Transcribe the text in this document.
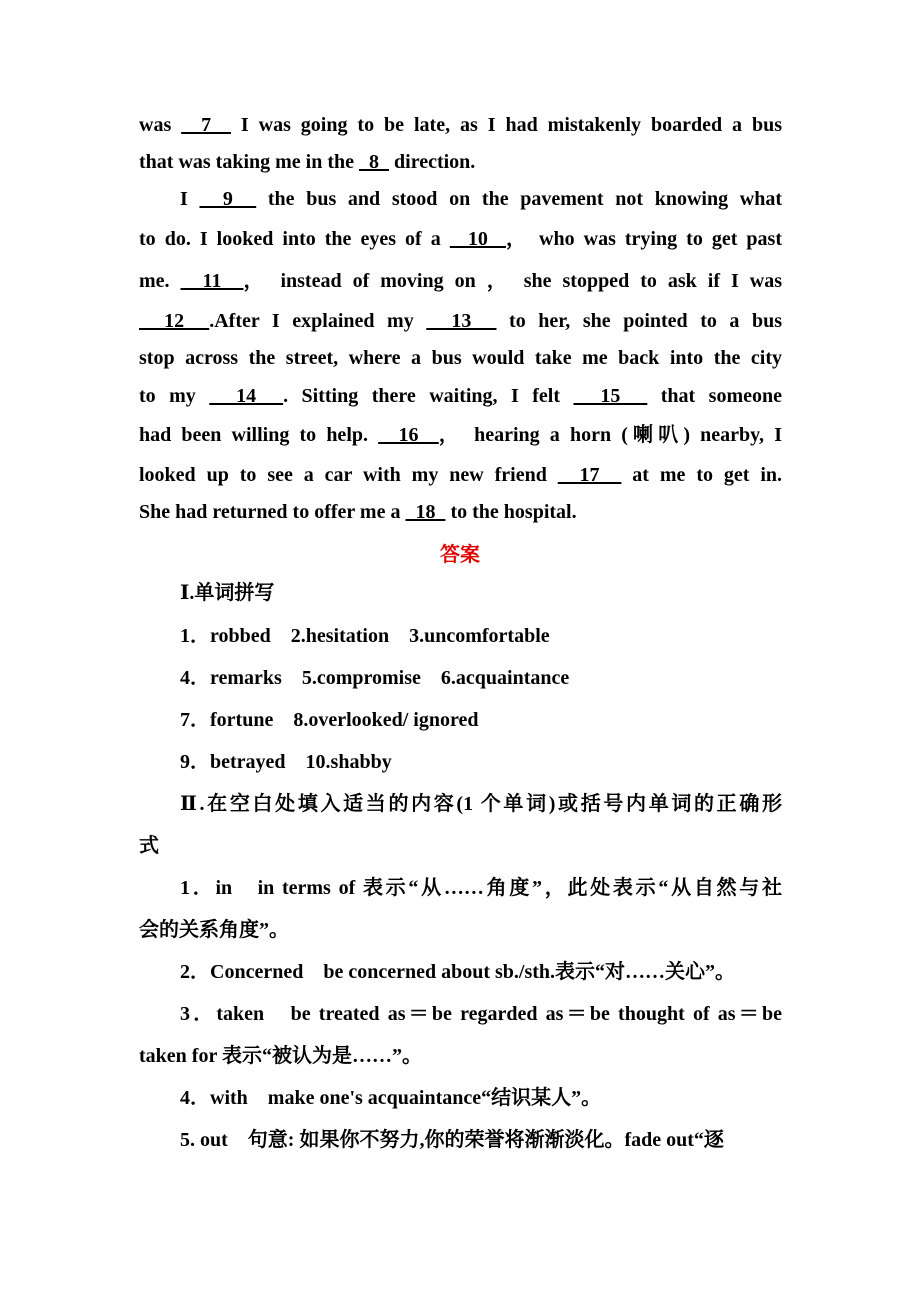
答案
was   7   I was going to be late, as I had mistakenly boarded a bus
that was taking me in the   8   direction.
I   9   the bus and stood on the pavement not knowing what
to do. I looked into the eyes of a   10  ， who was trying to get past
me.   11  ， instead of moving on ， she stopped to ask if I was
12  .After I explained my   13   to her, she pointed to a bus
stop across the street, where a bus would take me back into the city
to my   14  . Sitting there waiting, I felt   15   that someone
had been willing to help.   16  ， hearing a horn (喇叭) nearby, I
looked up to see a car with my new friend   17   at me to get in.
She had returned to offer me a   18   to the hospital.
Ⅰ.单词拼写
1．robbed　2.hesitation　3.uncomfortable
4．remarks　5.compromise　6.acquaintance
7．fortune　8.overlooked/ ignored
9．betrayed　10.shabby
Ⅱ.在空白处填入适当的内容(1 个单词)或括号内单词的正确形
式
1．in　in terms of 表示“从……角度”，此处表示“从自然与社
会的关系角度”。
2．Concerned　be concerned about sb./sth.表示“对……关心”。
3．taken　be treated as＝be regarded as＝be thought of as＝be
taken for 表示“被认为是……”。
4．with　make one's acquaintance“结识某人”。
5. out　句意: 如果你不努力,你的荣誉将渐渐淡化。fade out“逐
